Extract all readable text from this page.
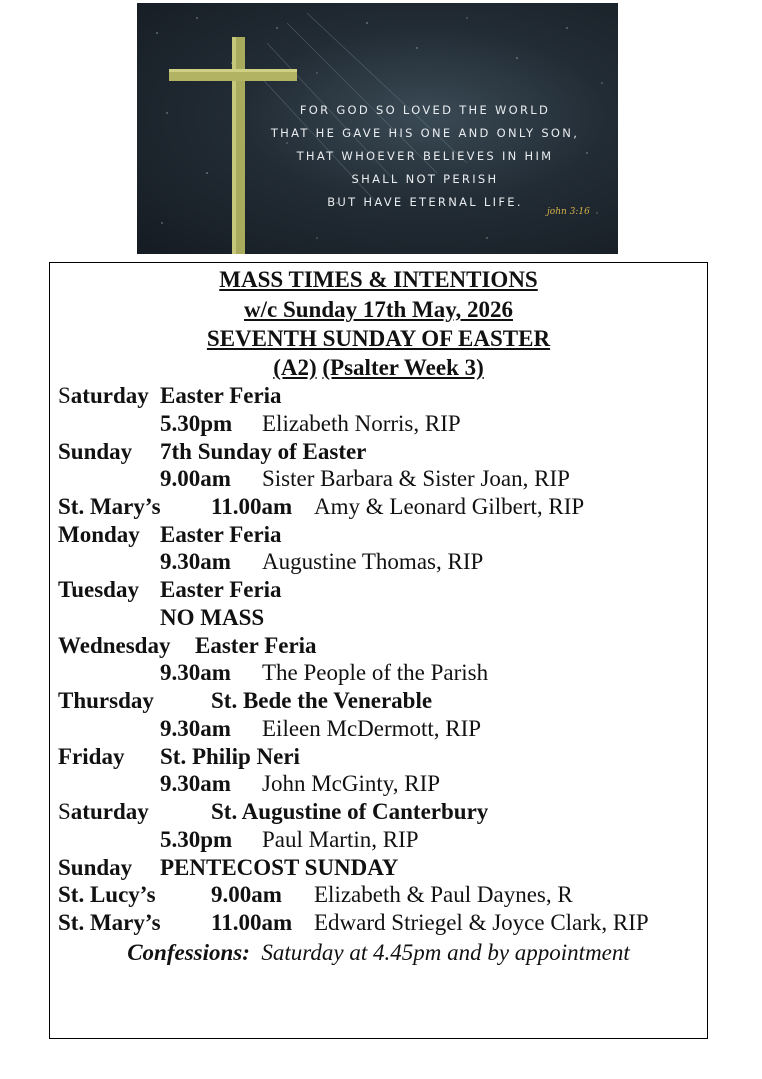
FOR GOD SO LOVED THE WORLD
THAT HE GAVE HIS ONE AND ONLY SON,
THAT WHOEVER BELIEVES IN HIM
SHALL NOT PERISH
BUT HAVE ETERNAL LIFE.
john 3:16
MASS TIMES & INTENTIONS
w/c Sunday 17th May, 2026
SEVENTH SUNDAY OF EASTER
(A2) (Psalter Week 3)
Saturday Easter Feria
5.30pm Elizabeth Norris, RIP
Sunday 7th Sunday of Easter
9.00am Sister Barbara & Sister Joan, RIP
St. Mary’s 11.00am Amy & Leonard Gilbert, RIP
Monday Easter Feria
9.30am Augustine Thomas, RIP
Tuesday Easter Feria
NO MASS
Wednesday Easter Feria
9.30am The People of the Parish
Thursday St. Bede the Venerable
9.30am Eileen McDermott, RIP
Friday St. Philip Neri
9.30am John McGinty, RIP
Saturday	St. Augustine of Canterbury
5.30pm Paul Martin, RIP
Sunday PENTECOST SUNDAY
St. Lucy’s 9.00am Elizabeth & Paul Daynes, R
St. Mary’s 11.00am Edward Striegel & Joyce Clark, RIP
Confessions: Saturday at 4.45pm and by appointment
